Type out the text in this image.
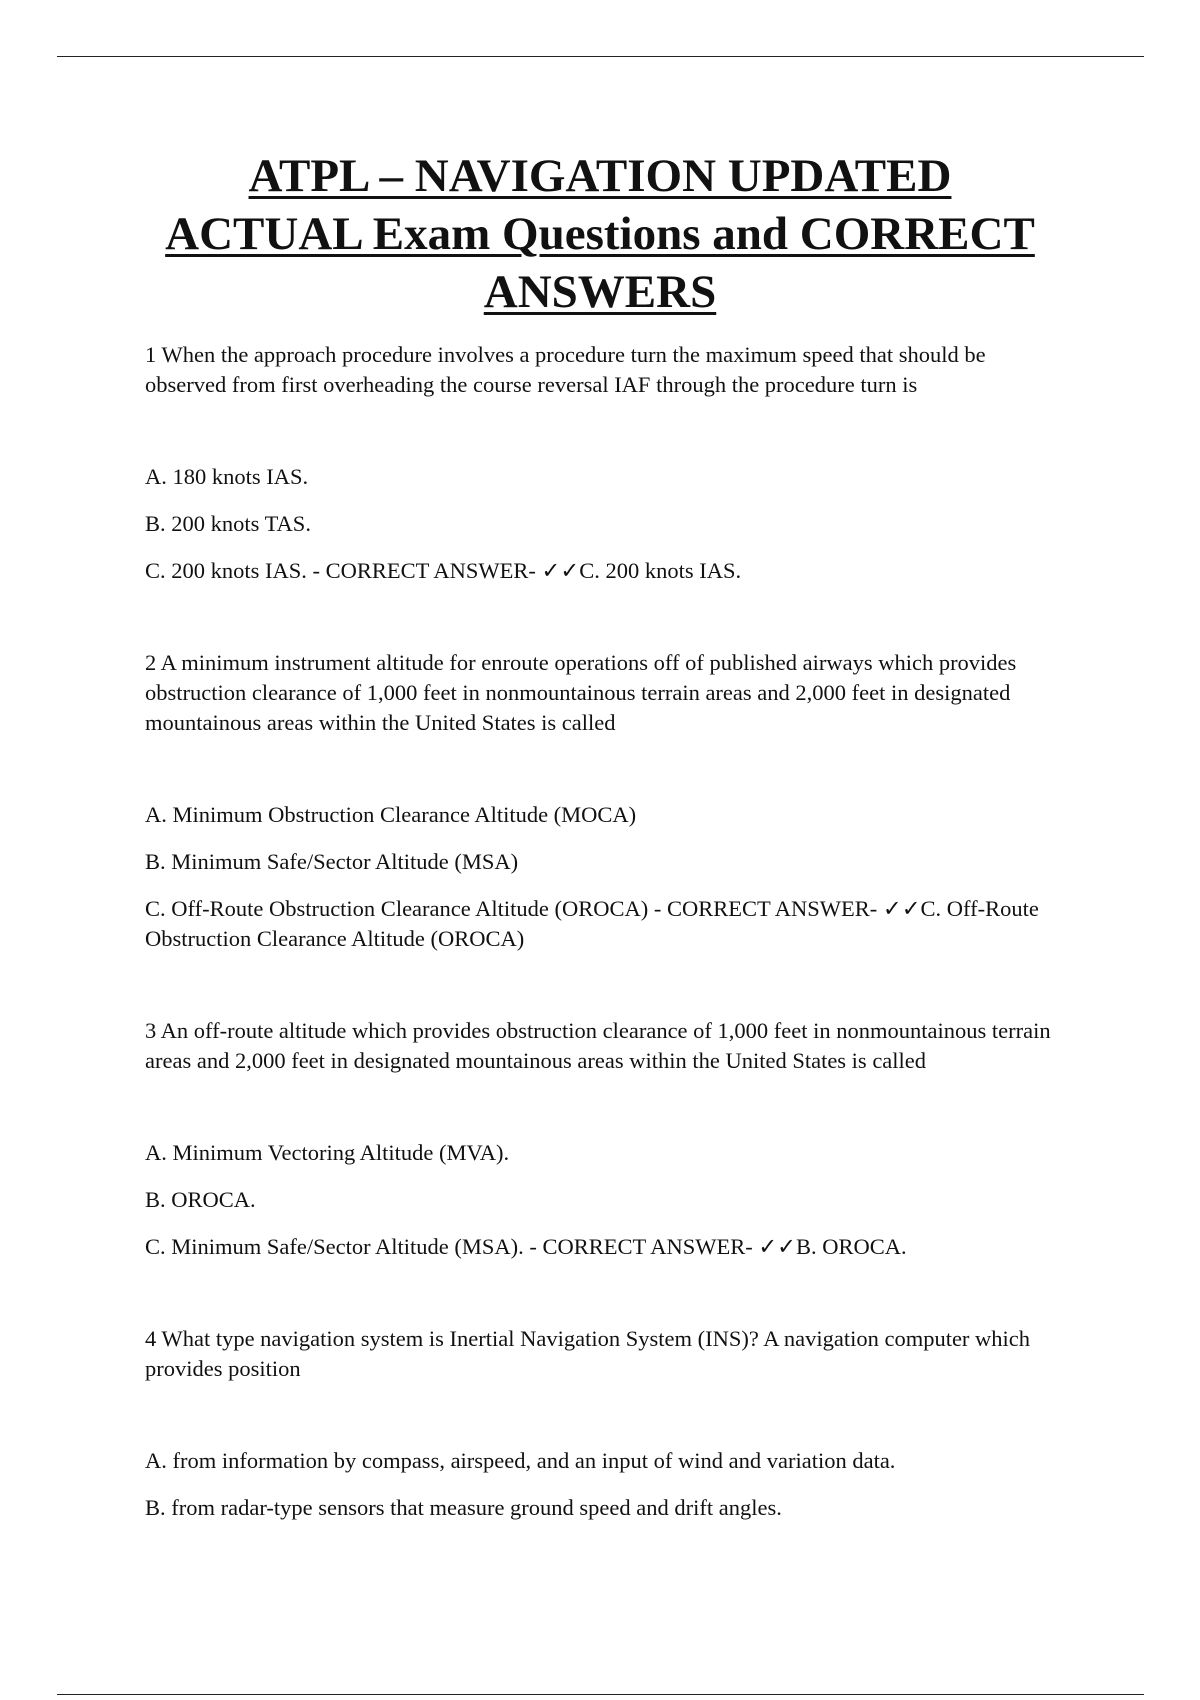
ATPL – NAVIGATION UPDATED
ACTUAL Exam Questions and CORRECT
ANSWERS

1 When the approach procedure involves a procedure turn the maximum speed that should be observed from first overheading the course reversal IAF through the procedure turn is

A. 180 knots IAS.

B. 200 knots TAS.

C. 200 knots IAS. - CORRECT ANSWER- ✓✓C. 200 knots IAS.

2 A minimum instrument altitude for enroute operations off of published airways which provides obstruction clearance of 1,000 feet in nonmountainous terrain areas and 2,000 feet in designated mountainous areas within the United States is called

A. Minimum Obstruction Clearance Altitude (MOCA)

B. Minimum Safe/Sector Altitude (MSA)

C. Off-Route Obstruction Clearance Altitude (OROCA) - CORRECT ANSWER- ✓✓C. Off-Route Obstruction Clearance Altitude (OROCA)

3 An off-route altitude which provides obstruction clearance of 1,000 feet in nonmountainous terrain areas and 2,000 feet in designated mountainous areas within the United States is called

A. Minimum Vectoring Altitude (MVA).

B. OROCA.

C. Minimum Safe/Sector Altitude (MSA). - CORRECT ANSWER- ✓✓B. OROCA.

4 What type navigation system is Inertial Navigation System (INS)? A navigation computer which provides position

A. from information by compass, airspeed, and an input of wind and variation data.

B. from radar-type sensors that measure ground speed and drift angles.
